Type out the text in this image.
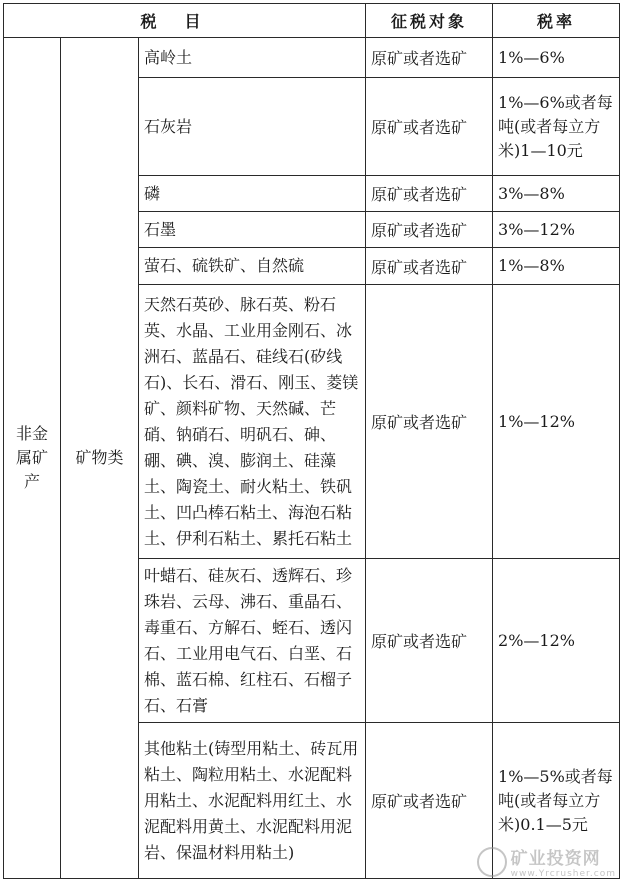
税目			征税对象	税率
非金属矿产	矿物类	高岭土	原矿或者选矿	1%—6%
		石灰岩	原矿或者选矿	1%—6%或者每吨(或者每立方米)1—10元
		磷	原矿或者选矿	3%—8%
		石墨	原矿或者选矿	3%—12%
		萤石、硫铁矿、自然硫	原矿或者选矿	1%—8%
		天然石英砂、脉石英、粉石英、水晶、工业用金刚石、冰洲石、蓝晶石、硅线石(矽线石)、长石、滑石、刚玉、菱镁矿、颜料矿物、天然碱、芒硝、钠硝石、明矾石、砷、硼、碘、溴、膨润土、硅藻土、陶瓷土、耐火粘土、铁矾土、凹凸棒石粘土、海泡石粘土、伊利石粘土、累托石粘土	原矿或者选矿	1%—12%
		叶蜡石、硅灰石、透辉石、珍珠岩、云母、沸石、重晶石、毒重石、方解石、蛭石、透闪石、工业用电气石、白垩、石棉、蓝石棉、红柱石、石榴子石、石膏	原矿或者选矿	2%—12%
		其他粘土(铸型用粘土、砖瓦用粘土、陶粒用粘土、水泥配料用粘土、水泥配料用红土、水泥配料用黄土、水泥配料用泥岩、保温材料用粘土)	原矿或者选矿	1%—5%或者每吨(或者每立方米)0.1—5元
矿业投资网
www.Yrcrusher.com
